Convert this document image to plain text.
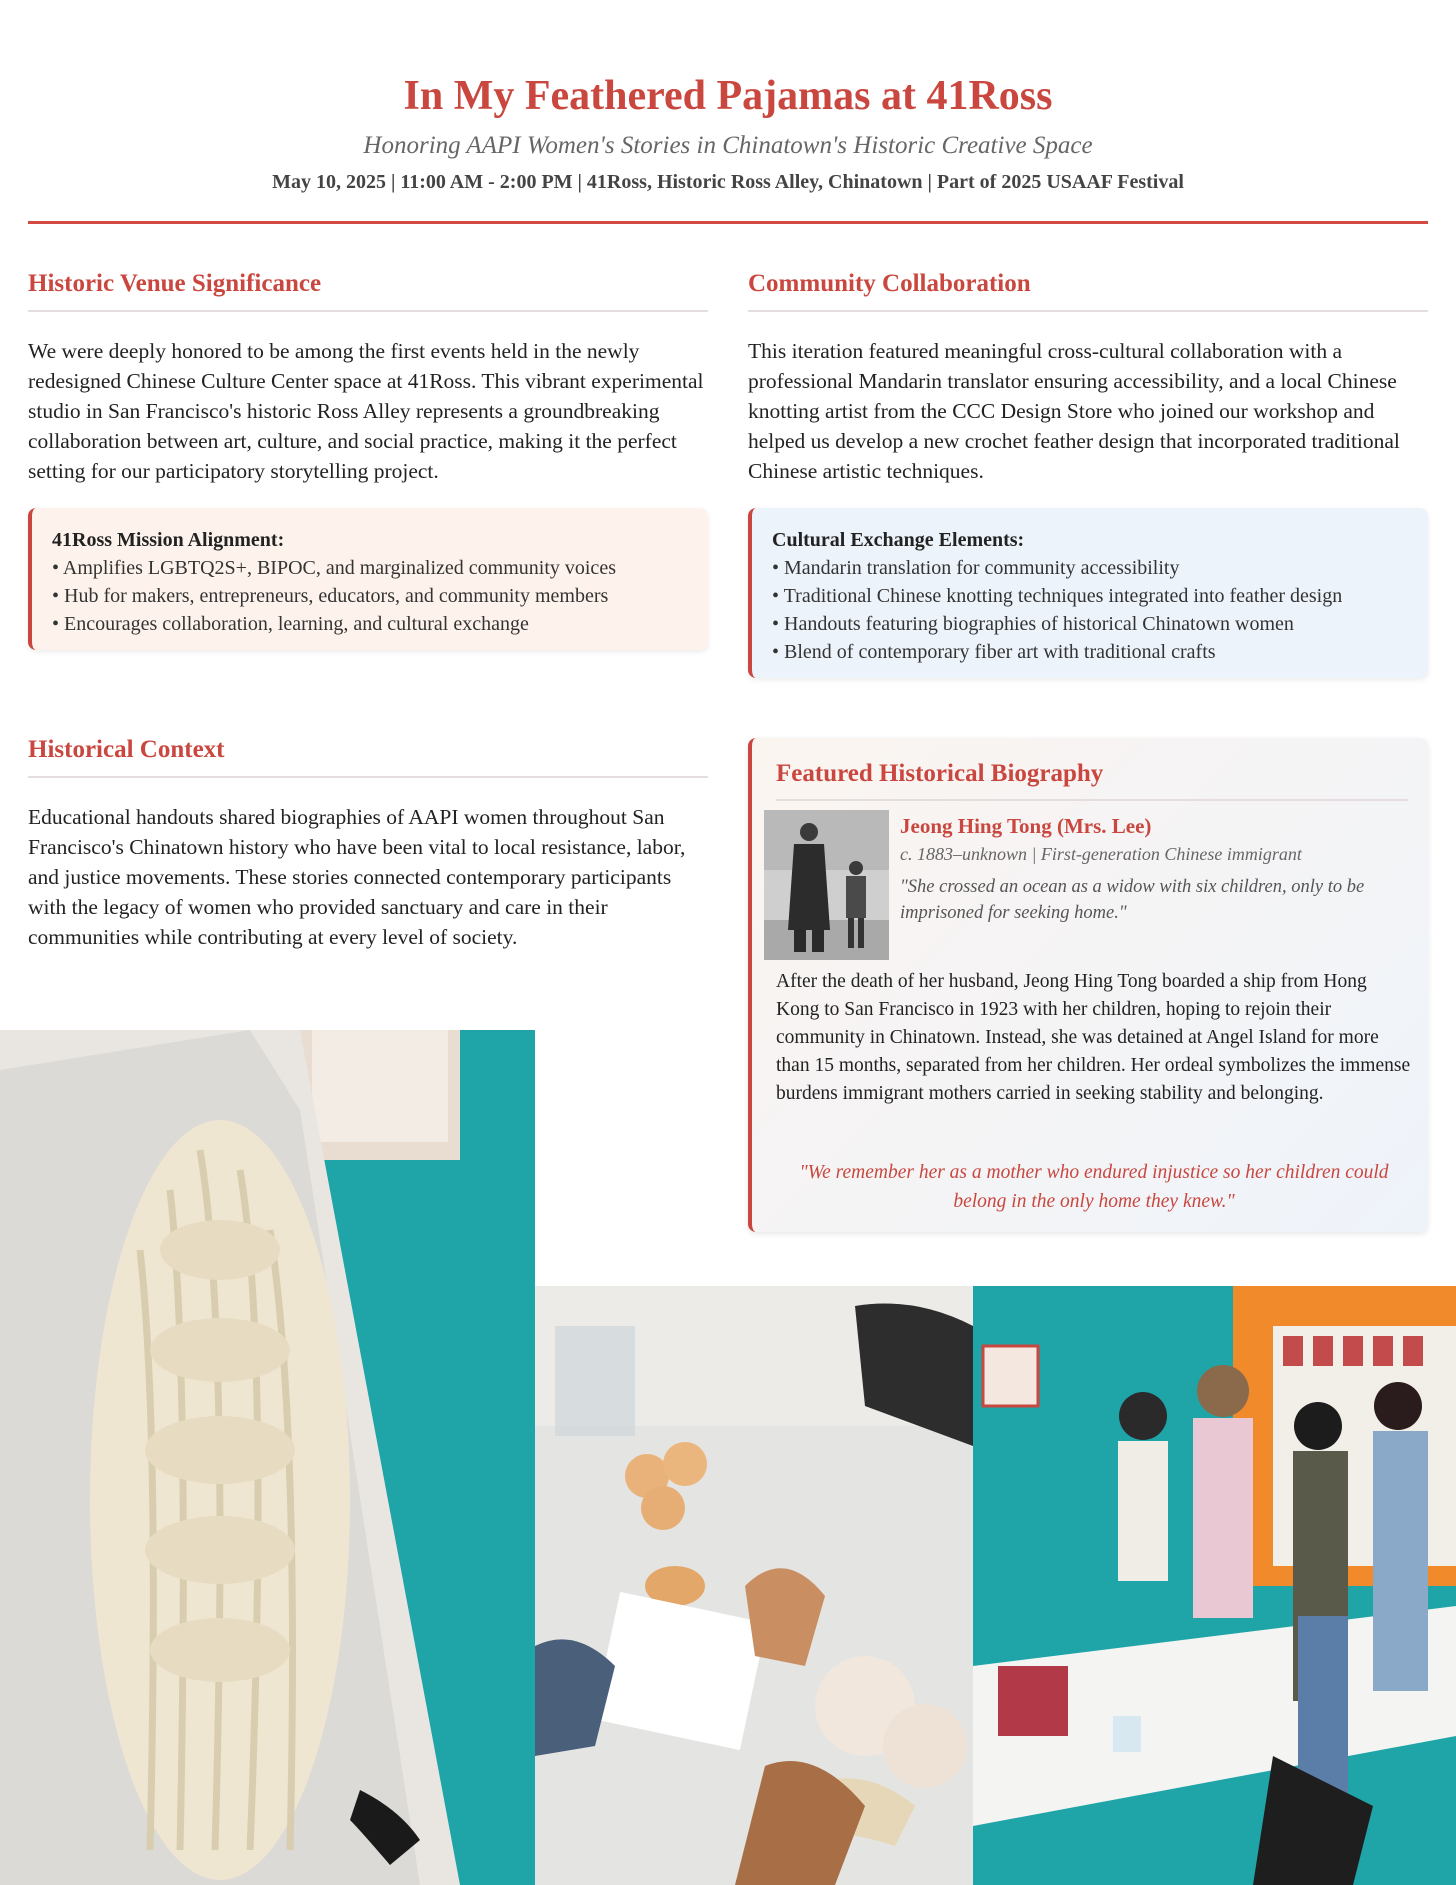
In My Feathered Pajamas at 41Ross
Honoring AAPI Women's Stories in Chinatown's Historic Creative Space
May 10, 2025 | 11:00 AM - 2:00 PM | 41Ross, Historic Ross Alley, Chinatown | Part of 2025 USAAF Festival
Historic Venue Significance

We were deeply honored to be among the first events held in the newly redesigned Chinese Culture Center space at 41Ross. This vibrant experimental studio in San Francisco's historic Ross Alley represents a groundbreaking collaboration between art, culture, and social practice, making it the perfect setting for our participatory storytelling project.

41Ross Mission Alignment:
• Amplifies LGBTQ2S+, BIPOC, and marginalized community voices
• Hub for makers, entrepreneurs, educators, and community members
• Encourages collaboration, learning, and cultural exchange
Community Collaboration

This iteration featured meaningful cross-cultural collaboration with a professional Mandarin translator ensuring accessibility, and a local Chinese knotting artist from the CCC Design Store who joined our workshop and helped us develop a new crochet feather design that incorporated traditional Chinese artistic techniques.

Cultural Exchange Elements:
• Mandarin translation for community accessibility
• Traditional Chinese knotting techniques integrated into feather design
• Handouts featuring biographies of historical Chinatown women
• Blend of contemporary fiber art with traditional crafts
Historical Context

Educational handouts shared biographies of AAPI women throughout San Francisco's Chinatown history who have been vital to local resistance, labor, and justice movements. These stories connected contemporary participants with the legacy of women who provided sanctuary and care in their communities while contributing at every level of society.

Featured Historical Biography
Jeong Hing Tong (Mrs. Lee)
c. 1883–unknown | First-generation Chinese immigrant
"She crossed an ocean as a widow with six children, only to be imprisoned for seeking home."
After the death of her husband, Jeong Hing Tong boarded a ship from Hong Kong to San Francisco in 1923 with her children, hoping to rejoin their community in Chinatown. Instead, she was detained at Angel Island for more than 15 months, separated from her children. Her ordeal symbolizes the immense burdens immigrant mothers carried in seeking stability and belonging.
"We remember her as a mother who endured injustice so her children could belong in the only home they knew."
